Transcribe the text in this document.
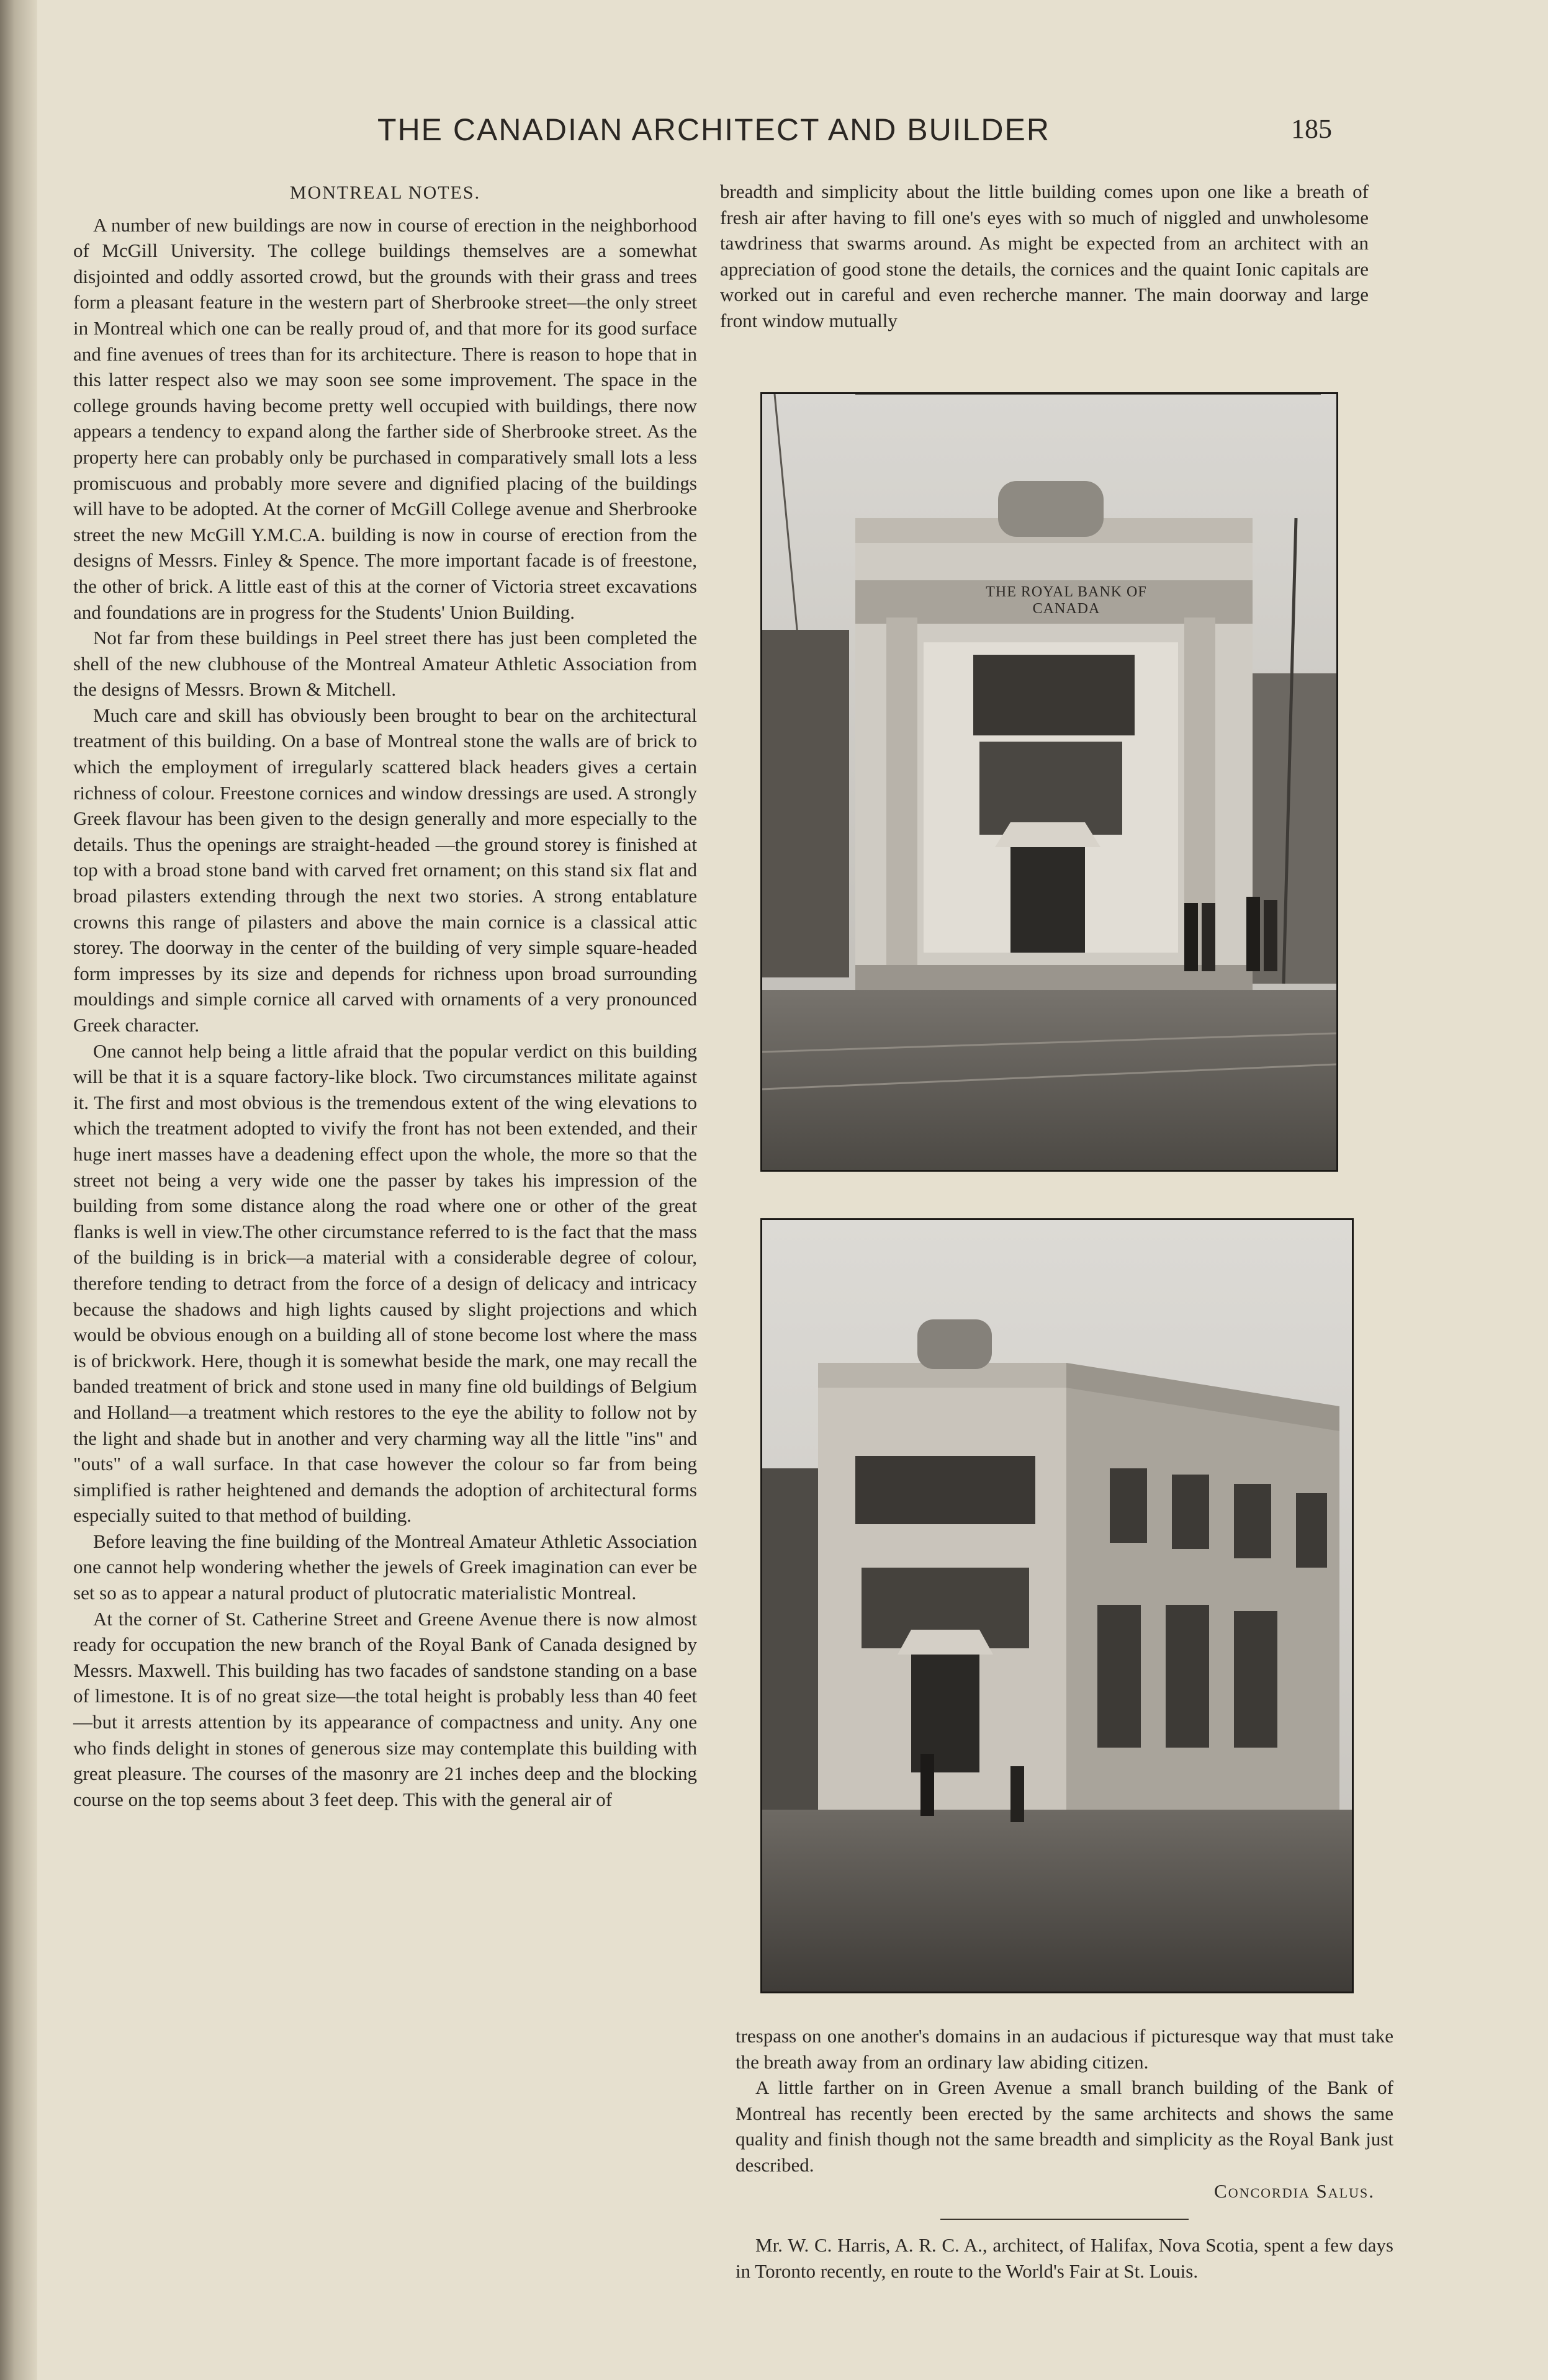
THE CANADIAN ARCHITECT AND BUILDER	185

MONTREAL NOTES.

A number of new buildings are now in course of erection in the neighborhood of McGill University. The college buildings themselves are a somewhat disjointed and oddly assorted crowd, but the grounds with their grass and trees form a pleasant feature in the western part of Sherbrooke street—the only street in Montreal which one can be really proud of, and that more for its good surface and fine avenues of trees than for its architecture. There is reason to hope that in this latter respect also we may soon see some improvement. The space in the college grounds having become pretty well occupied with buildings, there now appears a tendency to expand along the farther side of Sherbrooke street. As the property here can probably only be purchased in comparatively small lots a less promiscuous and probably more severe and dignified placing of the buildings will have to be adopted. At the corner of McGill College avenue and Sherbrooke street the new McGill Y.M.C.A. building is now in course of erection from the designs of Messrs. Finley & Spence. The more important facade is of freestone, the other of brick. A little east of this at the corner of Victoria street excavations and foundations are in progress for the Students' Union Building.

Not far from these buildings in Peel street there has just been completed the shell of the new clubhouse of the Montreal Amateur Athletic Association from the designs of Messrs. Brown & Mitchell.

Much care and skill has obviously been brought to bear on the architectural treatment of this building. On a base of Montreal stone the walls are of brick to which the employment of irregularly scattered black headers gives a certain richness of colour. Freestone cornices and window dressings are used. A strongly Greek flavour has been given to the design generally and more especially to the details. Thus the openings are straight-headed —the ground storey is finished at top with a broad stone band with carved fret ornament; on this stand six flat and broad pilasters extending through the next two stories. A strong entablature crowns this range of pilasters and above the main cornice is a classical attic storey. The doorway in the center of the building of very simple square-headed form impresses by its size and depends for richness upon broad surrounding mouldings and simple cornice all carved with ornaments of a very pronounced Greek character.

One cannot help being a little afraid that the popular verdict on this building will be that it is a square factory-like block. Two circumstances militate against it. The first and most obvious is the tremendous extent of the wing elevations to which the treatment adopted to vivify the front has not been extended, and their huge inert masses have a deadening effect upon the whole, the more so that the street not being a very wide one the passer by takes his impression of the building from some distance along the road where one or other of the great flanks is well in view.The other circumstance referred to is the fact that the mass of the building is in brick—a material with a considerable degree of colour, therefore tending to detract from the force of a design of delicacy and intricacy because the shadows and high lights caused by slight projections and which would be obvious enough on a building all of stone become lost where the mass is of brickwork. Here, though it is somewhat beside the mark, one may recall the banded treatment of brick and stone used in many fine old buildings of Belgium and Holland—a treatment which restores to the eye the ability to follow not by the light and shade but in another and very charming way all the little "ins" and "outs" of a wall surface. In that case however the colour so far from being simplified is rather heightened and demands the adoption of architectural forms especially suited to that method of building.

Before leaving the fine building of the Montreal Amateur Athletic Association one cannot help wondering whether the jewels of Greek imagination can ever be set so as to appear a natural product of plutocratic materialistic Montreal.

At the corner of St. Catherine Street and Greene Avenue there is now almost ready for occupation the new branch of the Royal Bank of Canada designed by Messrs. Maxwell. This building has two facades of sandstone standing on a base of limestone. It is of no great size—the total height is probably less than 40 feet—but it arrests attention by its appearance of compactness and unity. Any one who finds delight in stones of generous size may contemplate this building with great pleasure. The courses of the masonry are 21 inches deep and the blocking course on the top seems about 3 feet deep. This with the general air of

breadth and simplicity about the little building comes upon one like a breath of fresh air after having to fill one's eyes with so much of niggled and unwholesome tawdriness that swarms around. As might be expected from an architect with an appreciation of good stone the details, the cornices and the quaint Ionic capitals are worked out in careful and even recherche manner. The main doorway and large front window mutually

THE ROYAL BANK OF CANADA

trespass on one another's domains in an audacious if picturesque way that must take the breath away from an ordinary law abiding citizen.

A little farther on in Green Avenue a small branch building of the Bank of Montreal has recently been erected by the same architects and shows the same quality and finish though not the same breadth and simplicity as the Royal Bank just described.

Concordia Salus.

Mr. W. C. Harris, A. R. C. A., architect, of Halifax, Nova Scotia, spent a few days in Toronto recently, en route to the World's Fair at St. Louis.
